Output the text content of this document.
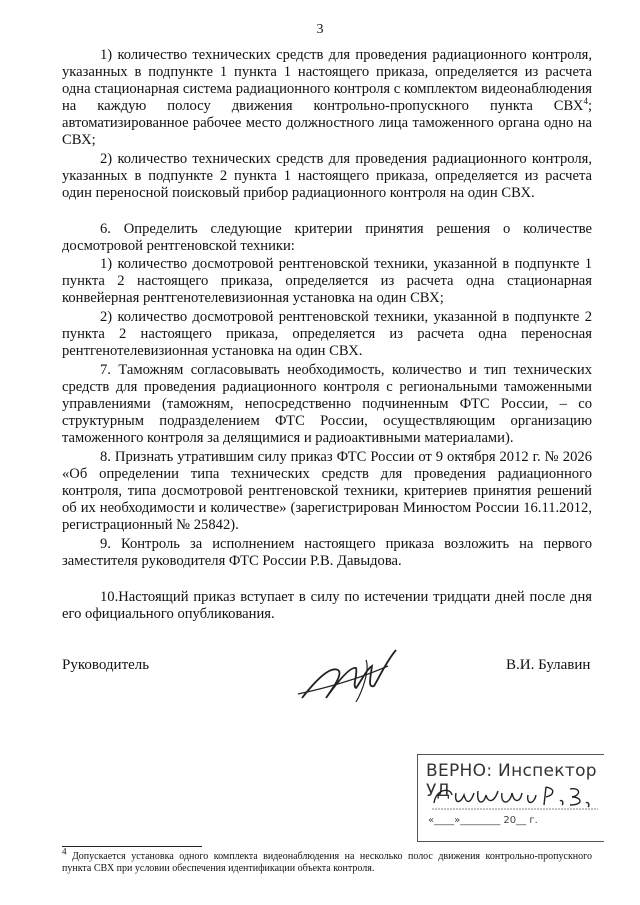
3

1) количество технических средств для проведения радиационного контроля, указанных в подпункте 1 пункта 1 настоящего приказа, определяется из расчета одна стационарная система радиационного контроля с комплектом видеонаблюдения на каждую полосу движения контрольно-пропускного пункта СВХ$^4$; автоматизированное рабочее место должностного лица таможенного органа одно на СВХ;

2) количество технических средств для проведения радиационного контроля, указанных в подпункте 2 пункта 1 настоящего приказа, определяется из расчета один переносной поисковый прибор радиационного контроля на один СВХ.

6. Определить следующие критерии принятия решения о количестве досмотровой рентгеновской техники:

1) количество досмотровой рентгеновской техники, указанной в подпункте 1 пункта 2 настоящего приказа, определяется из расчета одна стационарная конвейерная рентгенотелевизионная установка на один СВХ;

2) количество досмотровой рентгеновской техники, указанной в подпункте 2 пункта 2 настоящего приказа, определяется из расчета одна переносная рентгенотелевизионная установка на один СВХ.

7. Таможням согласовывать необходимость, количество и тип технических средств для проведения радиационного контроля с региональными таможенными управлениями (таможням, непосредственно подчиненным ФТС России, – со структурным подразделением ФТС России, осуществляющим организацию таможенного контроля за делящимися и радиоактивными материалами).

8. Признать утратившим силу приказ ФТС России от 9 октября 2012 г. № 2026 «Об определении типа технических средств для проведения радиационного контроля, типа досмотровой рентгеновской техники, критериев принятия решений об их необходимости и количестве» (зарегистрирован Минюстом России 16.11.2012, регистрационный № 25842).

9. Контроль за исполнением настоящего приказа возложить на первого заместителя руководителя ФТС России Р.В. Давыдова.

10.Настоящий приказ вступает в силу по истечении тридцати дней после дня его официального опубликования.

Руководитель	В.И. Булавин
ВЕРНО: Инспектор УД
«____»________ 20__ г.

$^4$ Допускается установка одного комплекта видеонаблюдения на несколько полос движения контрольно-пропускного пункта СВХ при условии обеспечения идентификации объекта контроля.
